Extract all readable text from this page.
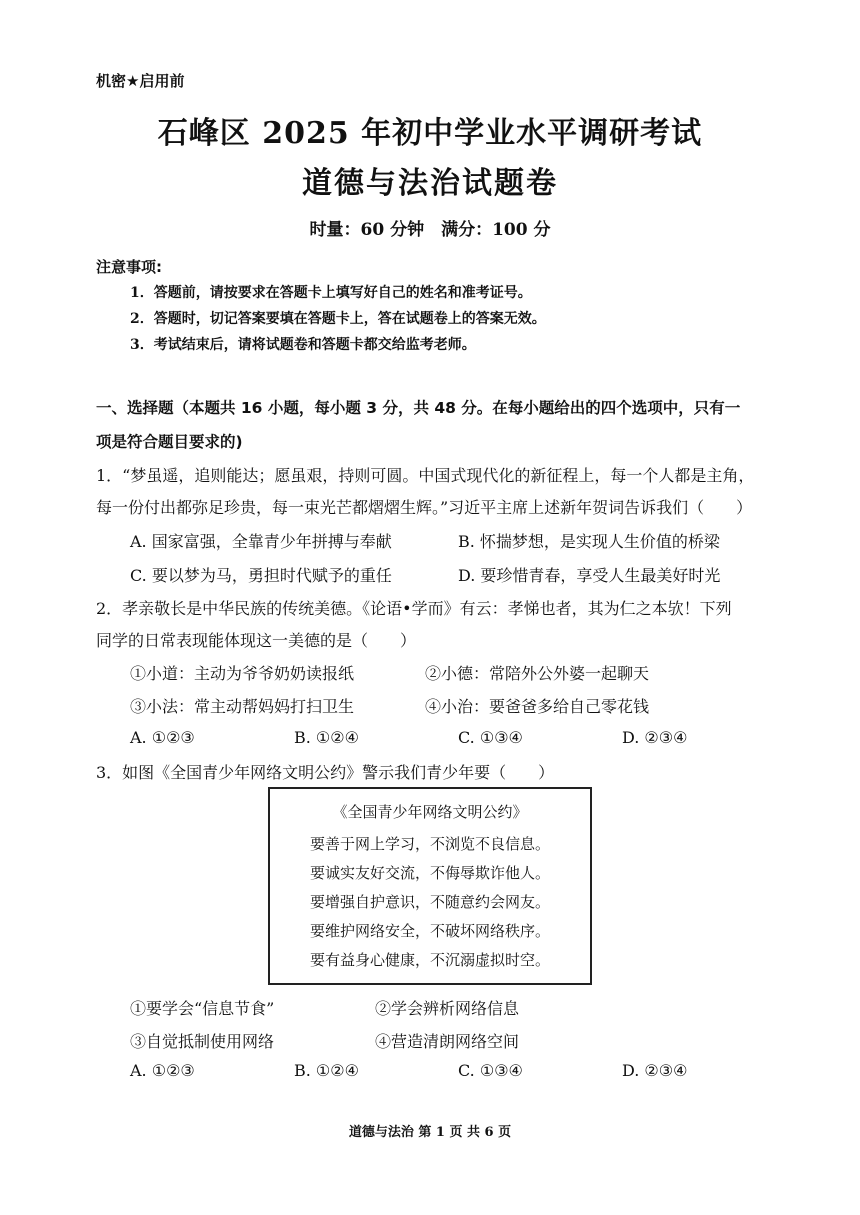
机密★启用前
石峰区 2025 年初中学业水平调研考试
道德与法治试题卷
时量：60 分钟　满分：100 分
注意事项:
1．答题前，请按要求在答题卡上填写好自己的姓名和准考证号。
2．答题时，切记答案要填在答题卡上，答在试题卷上的答案无效。
3．考试结束后，请将试题卷和答题卡都交给监考老师。
一、选择题（本题共 16 小题，每小题 3 分，共 48 分。在每小题给出的四个选项中，只有一
项是符合题目要求的)
1．“梦虽遥，追则能达；愿虽艰，持则可圆。中国式现代化的新征程上，每一个人都是主角，
每一份付出都弥足珍贵，每一束光芒都熠熠生辉。”习近平主席上述新年贺词告诉我们（　　）
A. 国家富强，全靠青少年拼搏与奉献	B. 怀揣梦想，是实现人生价值的桥梁
C. 要以梦为马，勇担时代赋予的重任	D. 要珍惜青春，享受人生最美好时光
2．孝亲敬长是中华民族的传统美德。《论语•学而》有云：孝悌也者，其为仁之本欤！下列
同学的日常表现能体现这一美德的是（　　）
①小道：主动为爷爷奶奶读报纸	②小德：常陪外公外婆一起聊天
③小法：常主动帮妈妈打扫卫生	④小治：要爸爸多给自己零花钱
A. ①②③	B. ①②④	C. ①③④	D. ②③④
3．如图《全国青少年网络文明公约》警示我们青少年要（　　）
《全国青少年网络文明公约》
要善于网上学习，不浏览不良信息。
要诚实友好交流，不侮辱欺诈他人。
要增强自护意识，不随意约会网友。
要维护网络安全，不破坏网络秩序。
要有益身心健康，不沉溺虚拟时空。
①要学会“信息节食”	②学会辨析网络信息
③自觉抵制使用网络	④营造清朗网络空间
A. ①②③	B. ①②④	C. ①③④	D. ②③④
道德与法治 第 1 页 共 6 页
